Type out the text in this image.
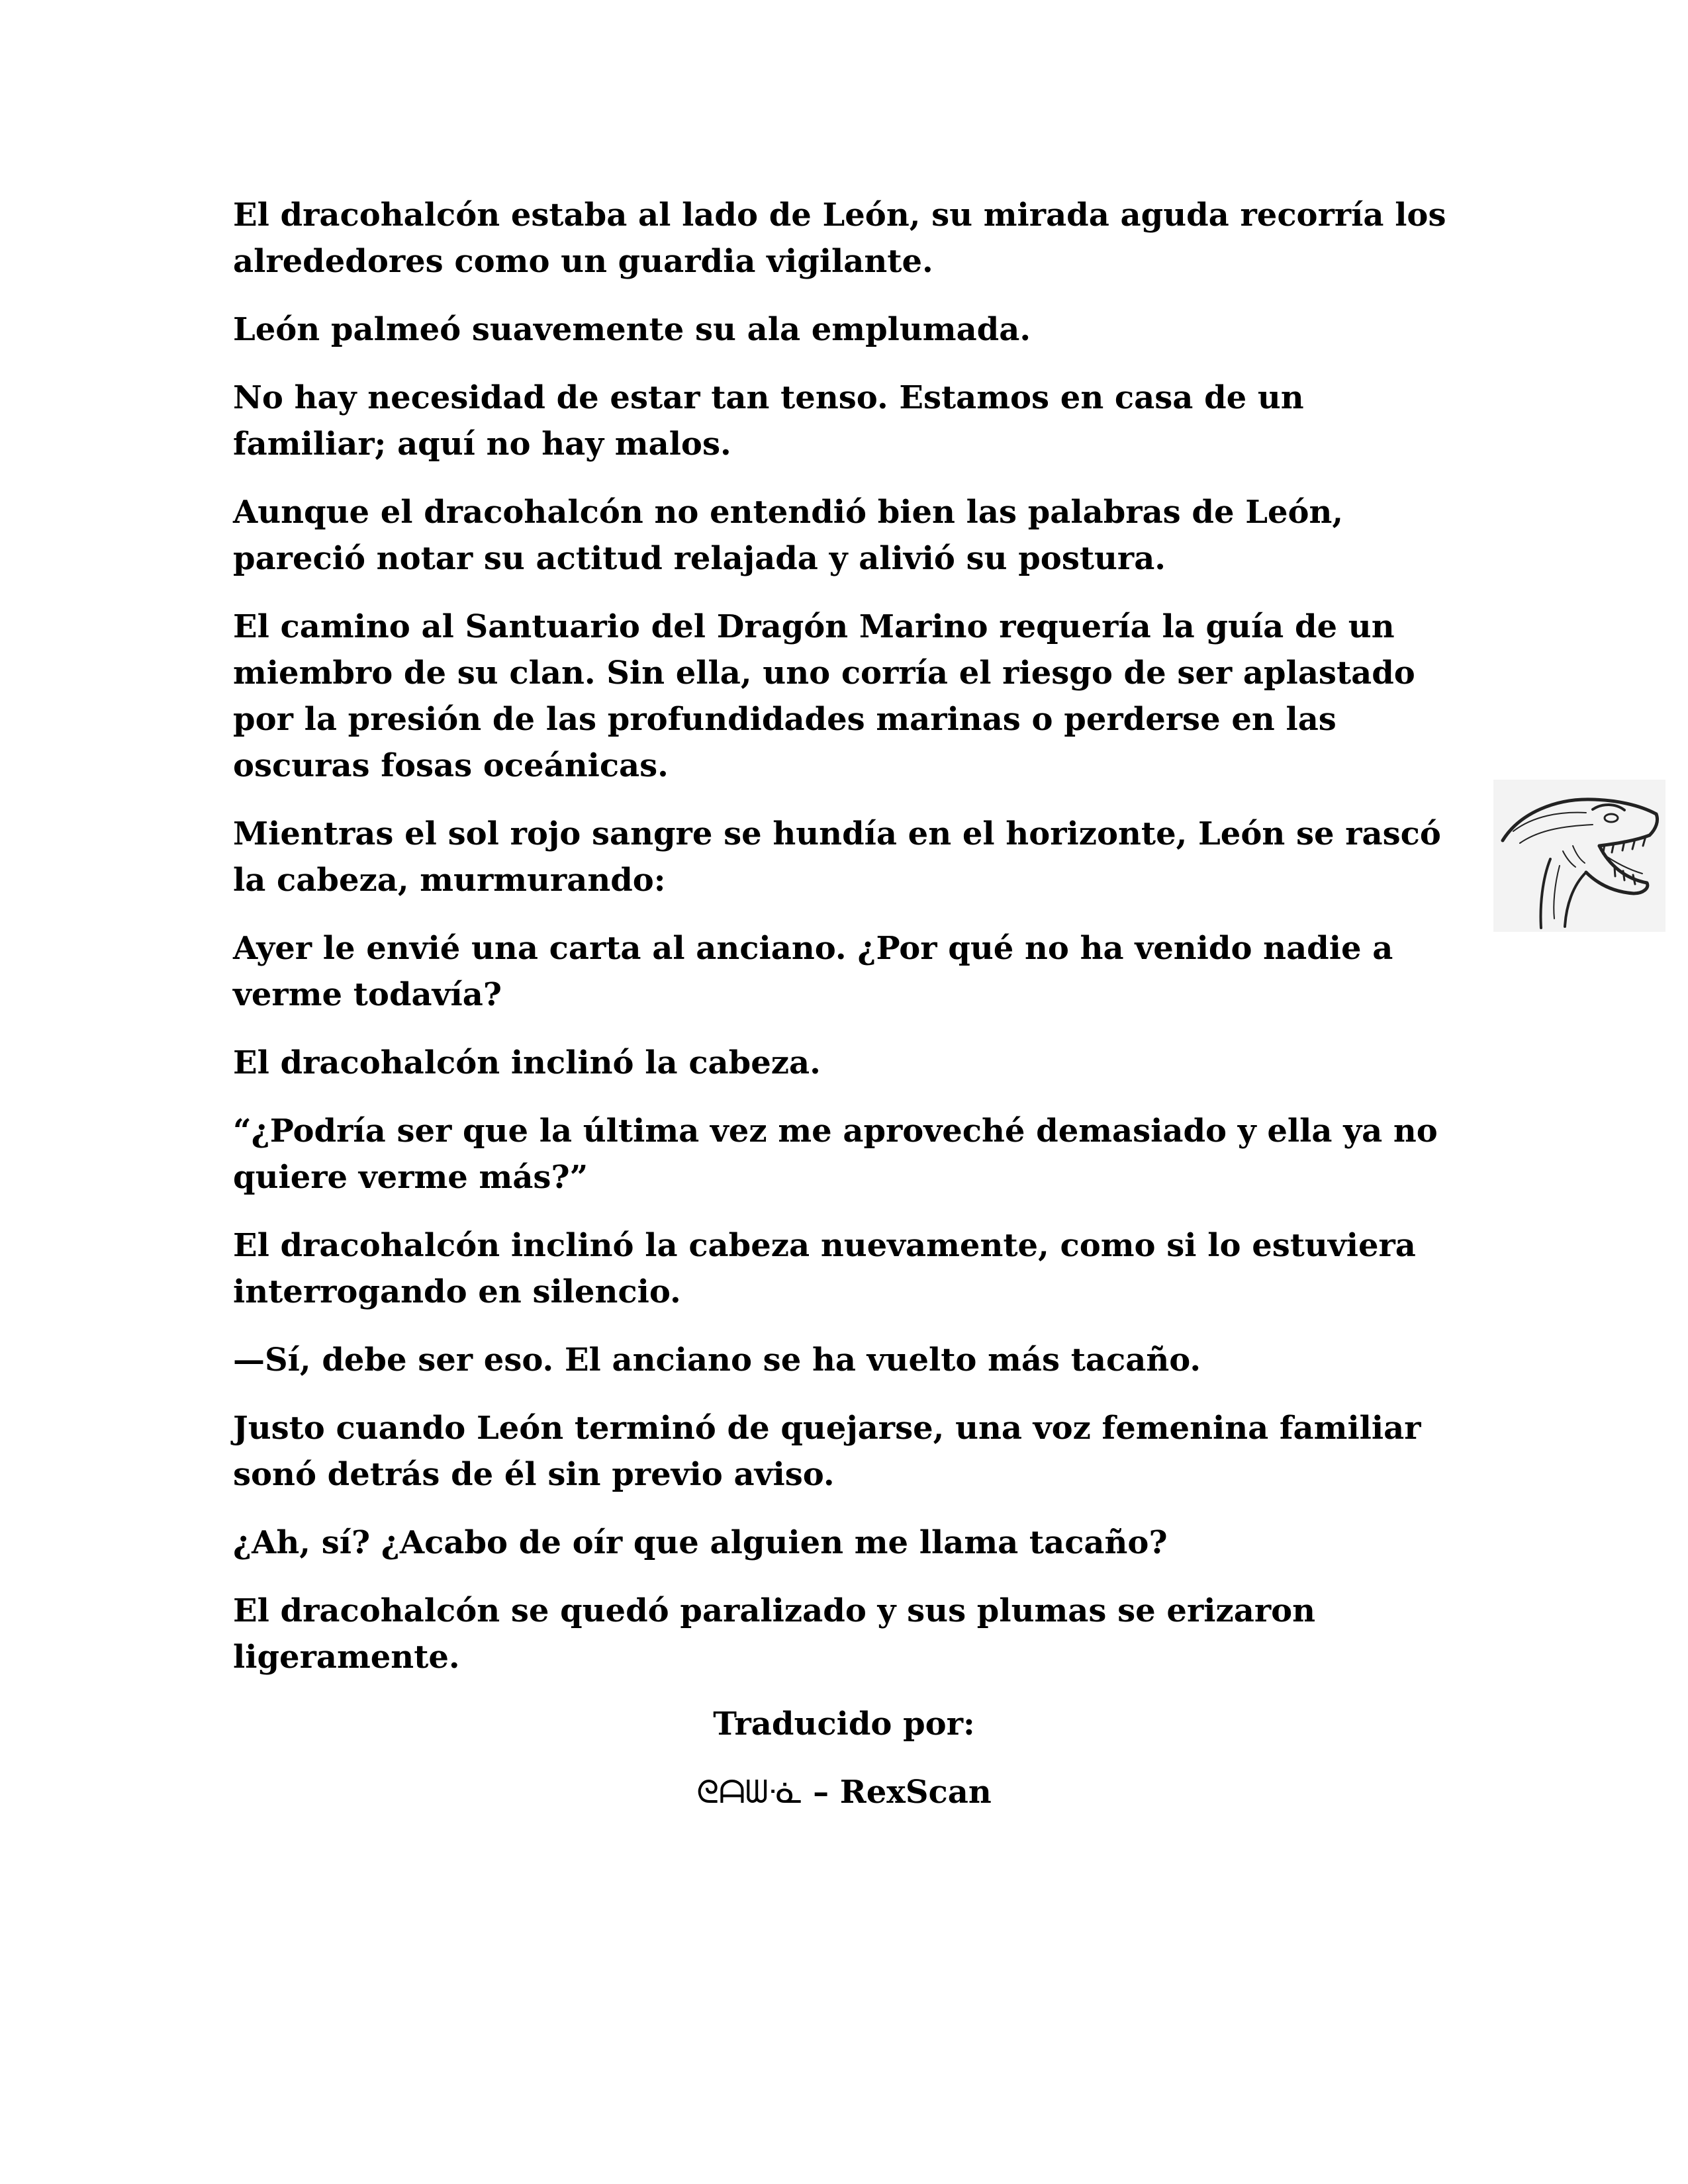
El dracohalcón estaba al lado de León, su mirada aguda recorría los alrededores como un guardia vigilante.

León palmeó suavemente su ala emplumada.

No hay necesidad de estar tan tenso. Estamos en casa de un familiar; aquí no hay malos.

Aunque el dracohalcón no entendió bien las palabras de León, pareció notar su actitud relajada y alivió su postura.

El camino al Santuario del Dragón Marino requería la guía de un miembro de su clan. Sin ella, uno corría el riesgo de ser aplastado por la presión de las profundidades marinas o perderse en las oscuras fosas oceánicas.

Mientras el sol rojo sangre se hundía en el horizonte, León se rascó la cabeza, murmurando:

Ayer le envié una carta al anciano. ¿Por qué no ha venido nadie a verme todavía?

El dracohalcón inclinó la cabeza.

“¿Podría ser que la última vez me aproveché demasiado y ella ya no quiere verme más?”

El dracohalcón inclinó la cabeza nuevamente, como si lo estuviera interrogando en silencio.

—Sí, debe ser eso. El anciano se ha vuelto más tacaño.

Justo cuando León terminó de quejarse, una voz femenina familiar sonó detrás de él sin previo aviso.

¿Ah, sí? ¿Acabo de oír que alguien me llama tacaño?

El dracohalcón se quedó paralizado y sus plumas se erizaron ligeramente.

Traducido por:
ᘓᗩᗯᓍ – RexScan
